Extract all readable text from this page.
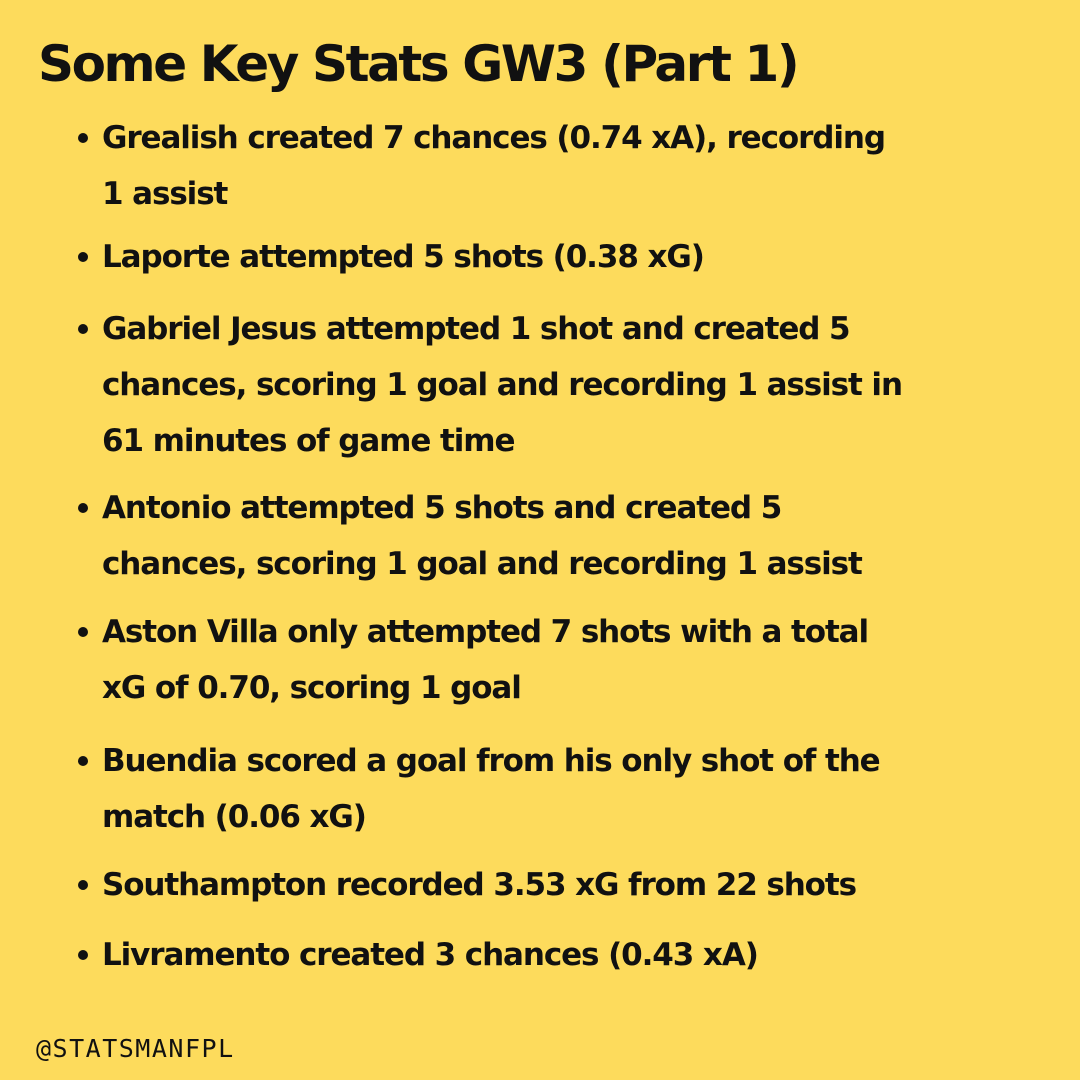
Some Key Stats GW3 (Part 1)
Grealish created 7 chances (0.74 xA), recording
1 assist
Laporte attempted 5 shots (0.38 xG)
Gabriel Jesus attempted 1 shot and created 5
chances, scoring 1 goal and recording 1 assist in
61 minutes of game time
Antonio attempted 5 shots and created 5
chances, scoring 1 goal and recording 1 assist
Aston Villa only attempted 7 shots with a total
xG of 0.70, scoring 1 goal
Buendia scored a goal from his only shot of the
match (0.06 xG)
Southampton recorded 3.53 xG from 22 shots
Livramento created 3 chances (0.43 xA)
@STATSMANFPL
